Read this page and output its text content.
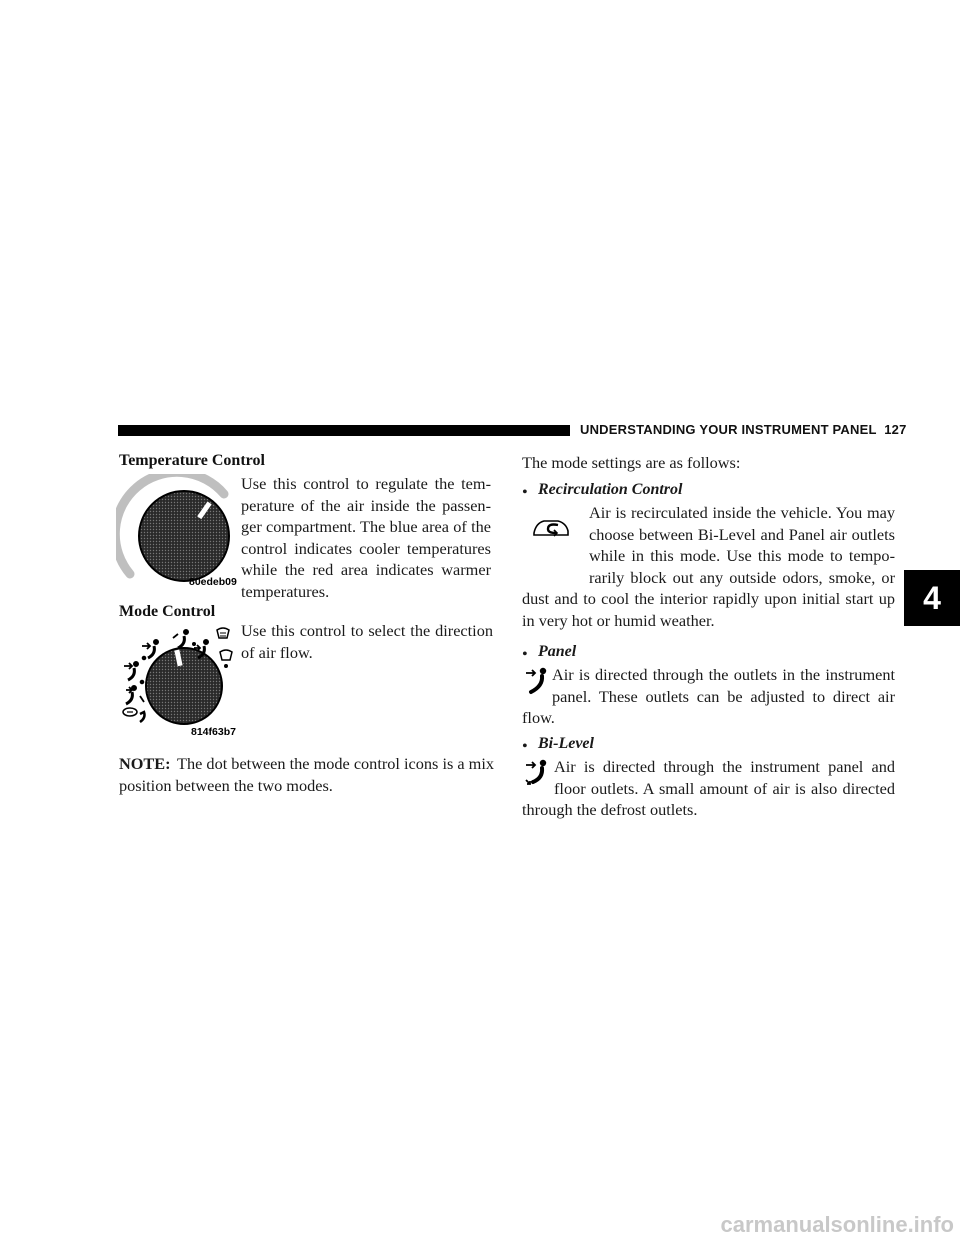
UNDERSTANDING YOUR INSTRUMENT PANEL 127
4
Temperature Control
80edeb09
Use this control to regulate the tem-
perature of the air inside the passen-
ger compartment. The blue area of the
control indicates cooler temperatures
while the red area indicates warmer
temperatures.
Mode Control
814f63b7
Use this control to select the direction
of air flow.
NOTE: The dot between the mode control icons is a mix
position between the two modes.
The mode settings are as follows:
• Recirculation Control
Air is recirculated inside the vehicle. You may
choose between Bi-Level and Panel air outlets
while in this mode. Use this mode to tempo-
rarily block out any outside odors, smoke, or
dust and to cool the interior rapidly upon initial start up
in very hot or humid weather.
• Panel
Air is directed through the outlets in the instrument
panel. These outlets can be adjusted to direct air
flow.
• Bi-Level
Air is directed through the instrument panel and
floor outlets. A small amount of air is also directed
through the defrost outlets.
carmanualsonline.info
